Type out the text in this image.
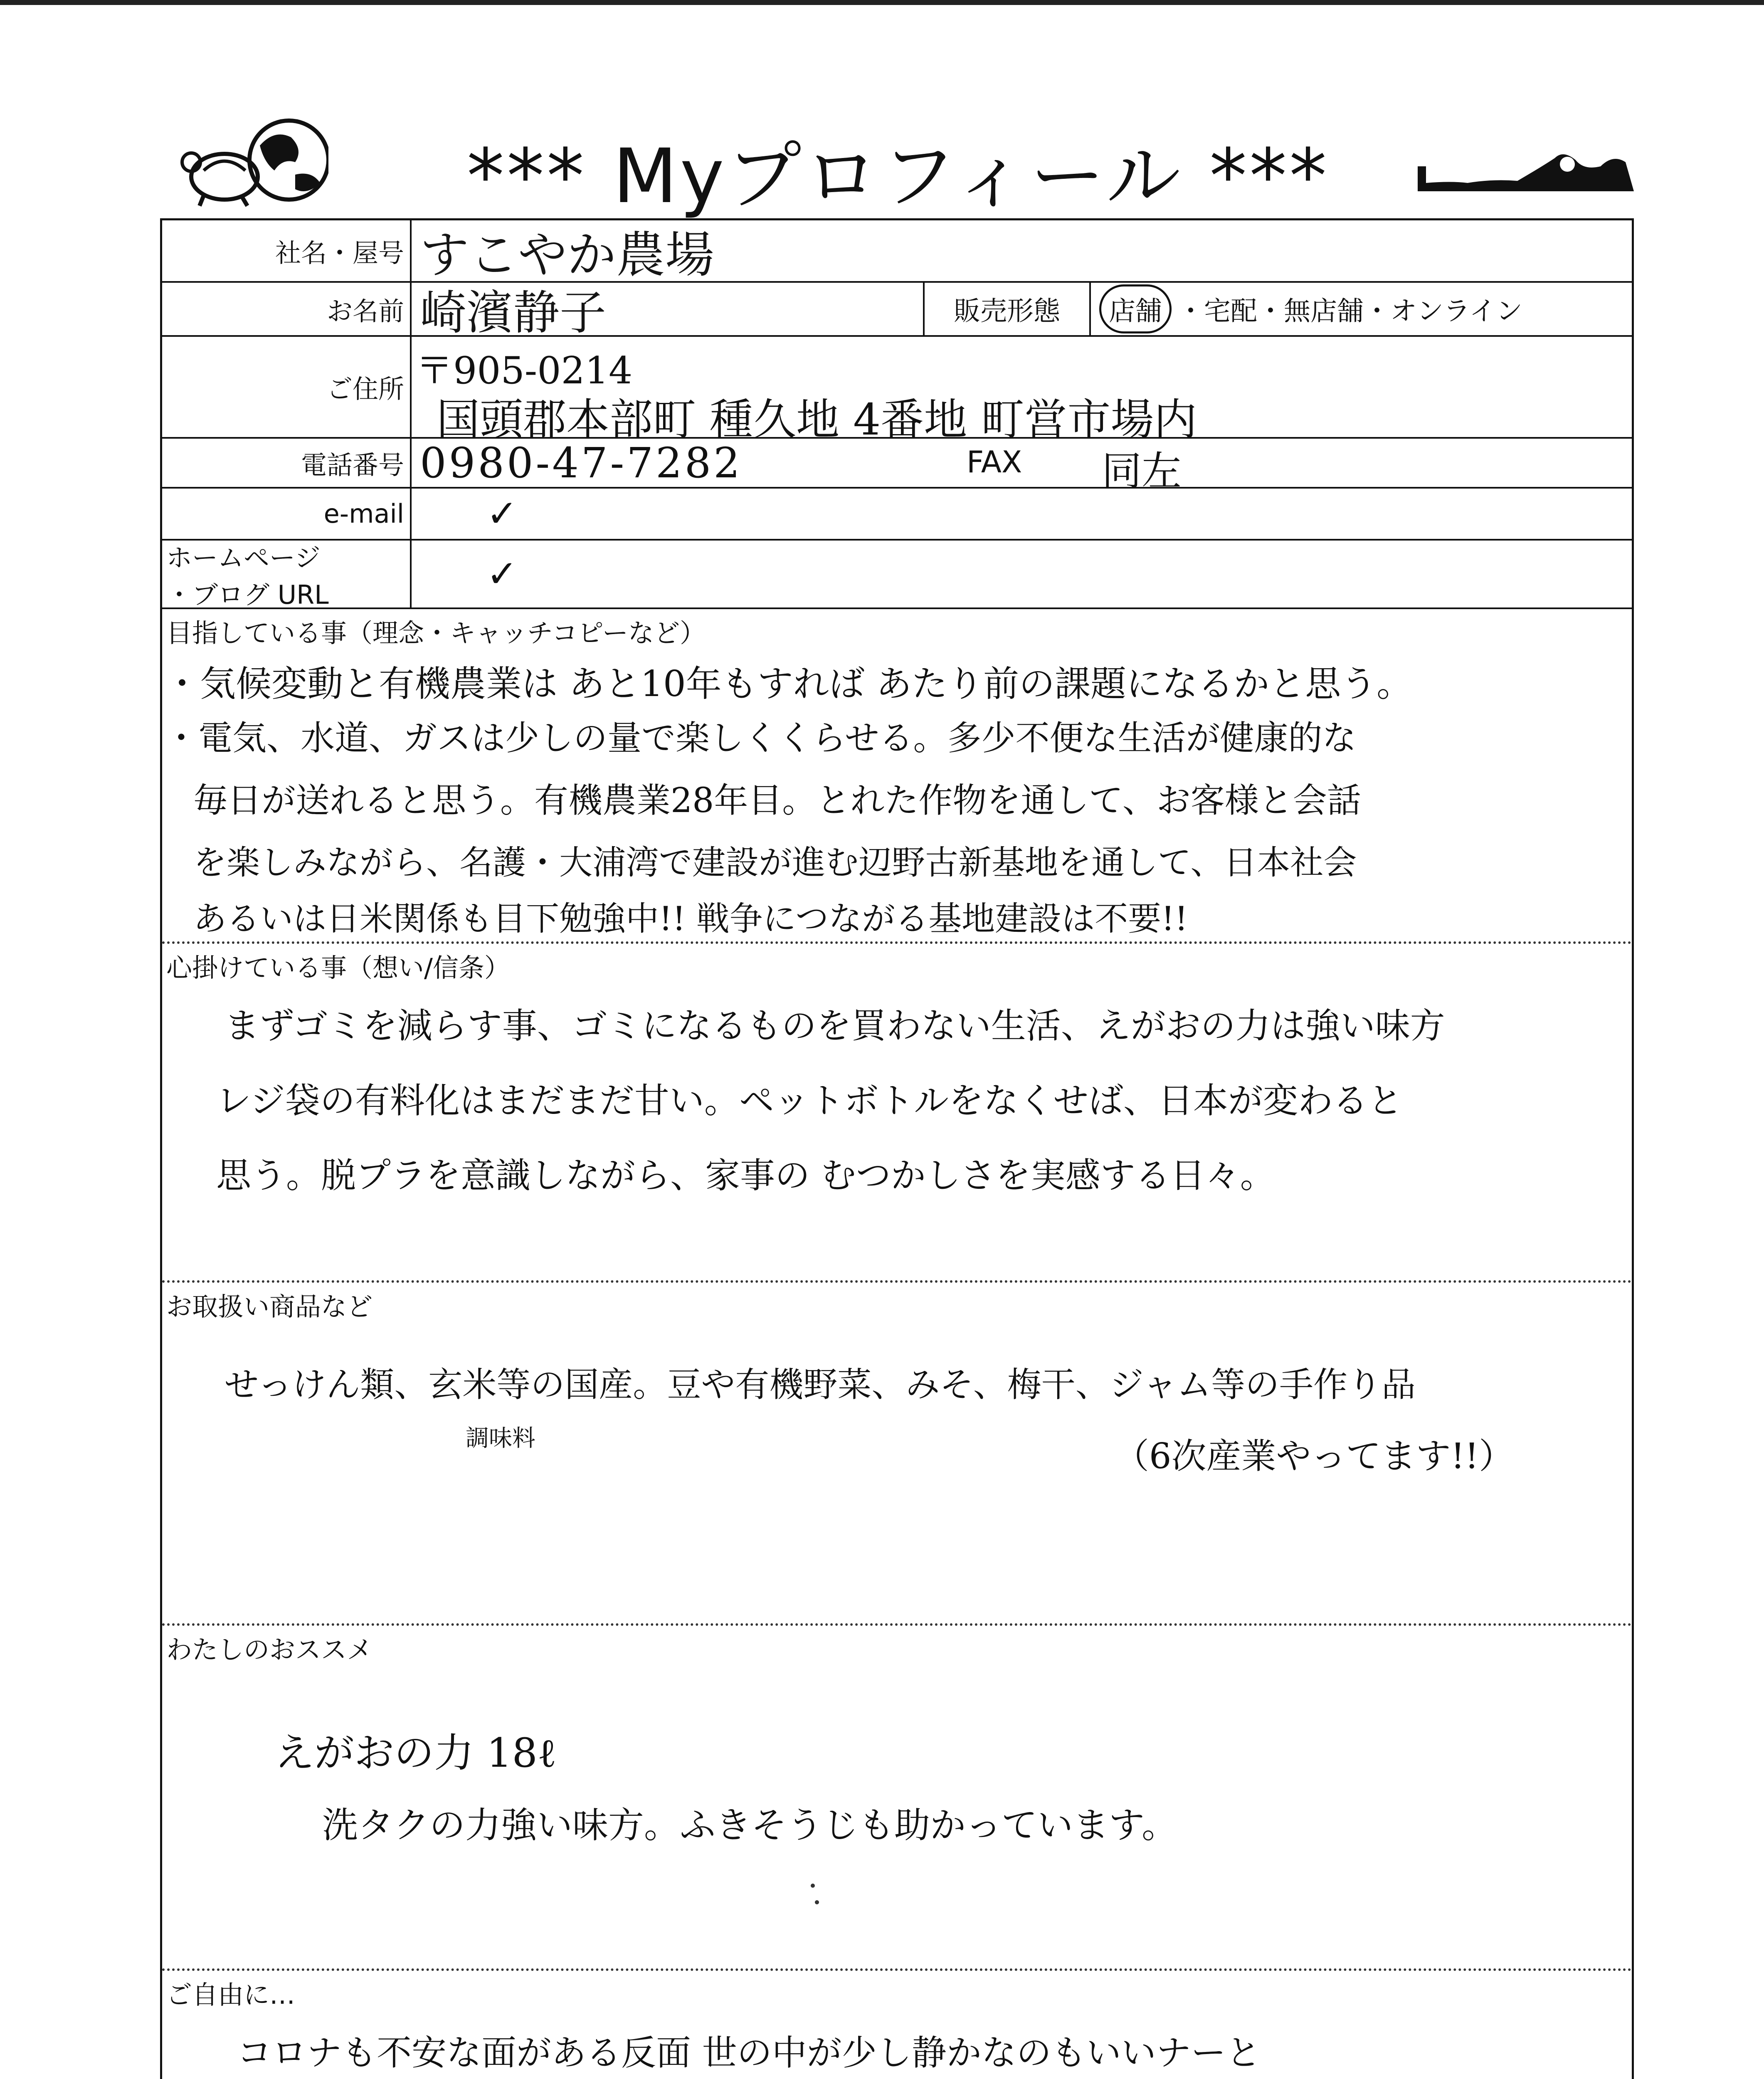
*** Myプロフィール ***
社名・屋号 すこやか農場
お名前 崎濱静子	販売形態	店舗 ・宅配・無店舗・オンライン
ご住所 〒905-0214
国頭郡本部町 種久地 4番地 町営市場内
電話番号 0980-47-7282	FAX 同左
e-mail ✓
ホームページ
・ブログ URL	✓
目指している事（理念・キャッチコピーなど）
・気候変動と有機農業は あと10年もすれば あたり前の課題になるかと思う。
・電気、水道、ガスは少しの量で楽しくくらせる。多少不便な生活が健康的な
毎日が送れると思う。有機農業28年目。とれた作物を通して、お客様と会話
を楽しみながら、名護・大浦湾で建設が進む辺野古新基地を通して、日本社会
あるいは日米関係も目下勉強中!! 戦争につながる基地建設は不要!!
心掛けている事（想い/信条）
まずゴミを減らす事、ゴミになるものを買わない生活、えがおの力は強い味方
レジ袋の有料化はまだまだ甘い。ペットボトルをなくせば、日本が変わると
思う。脱プラを意識しながら、家事の むつかしさを実感する日々。
お取扱い商品など
せっけん類、玄米等の国産。豆や有機野菜、みそ、梅干、ジャム等の手作り品
調味料	（6次産業やってます!!）
わたしのおススメ
えがおの力 18ℓ
洗タクの力強い味方。ふきそうじも助かっています。
ご自由に…
コロナも不安な面がある反面 世の中が少し静かなのもいいナーと
